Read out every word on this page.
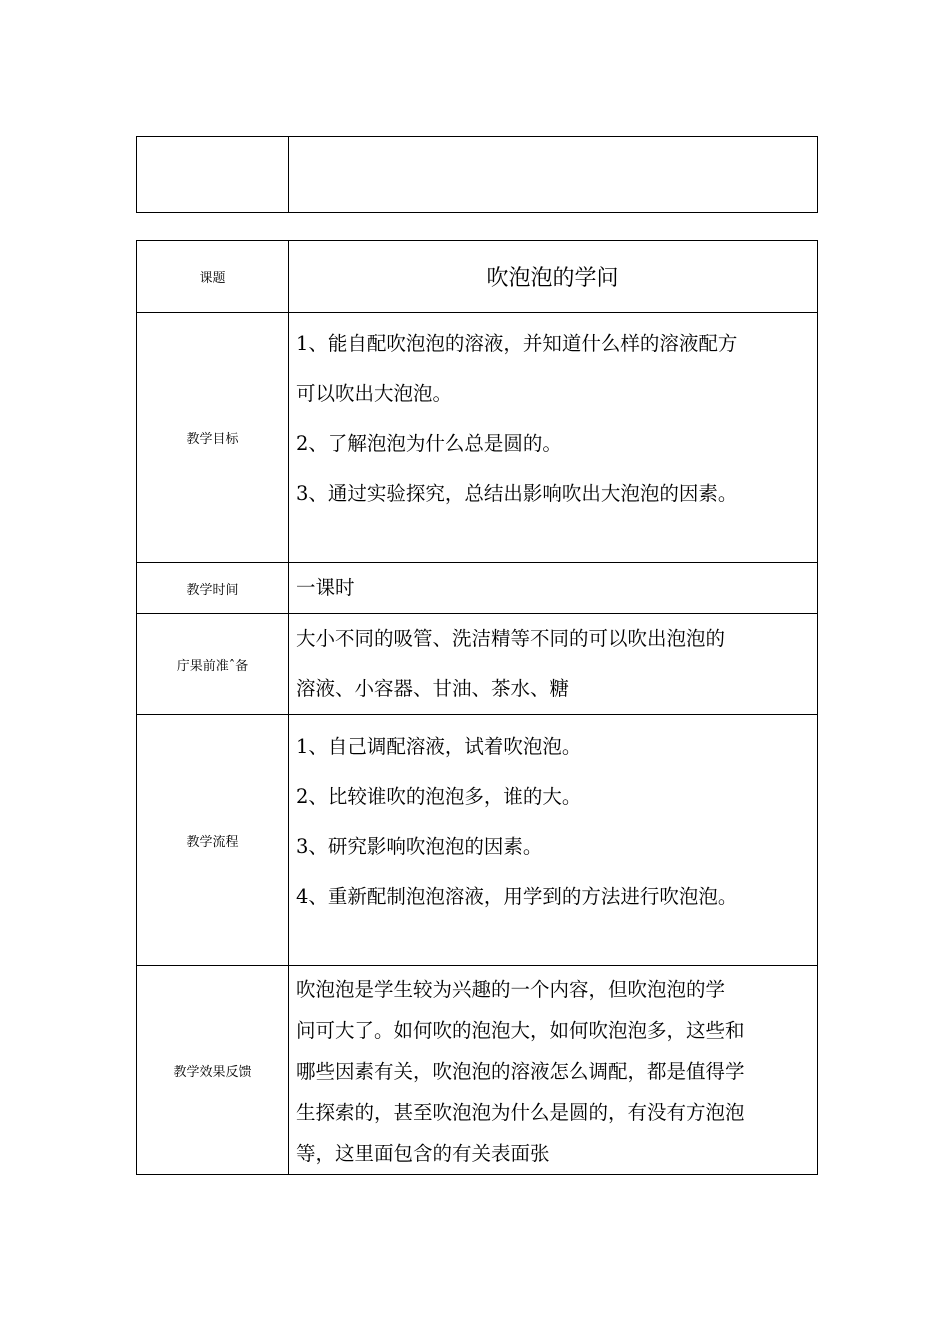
课题	吹泡泡的学问
教学目标	1、能自配吹泡泡的溶液，并知道什么样的溶液配方
可以吹出大泡泡。
2、了解泡泡为什么总是圆的。
3、通过实验探究，总结出影响吹出大泡泡的因素。

教学时间	一课时

庁果前准ˆ备	大小不同的吸管、洗洁精等不同的可以吹出泡泡的
溶液、小容器、甘油、茶水、糖

教学流程	1、自己调配溶液，试着吹泡泡。
2、比较谁吹的泡泡多，谁的大。
3、研究影响吹泡泡的因素。
4、重新配制泡泡溶液，用学到的方法进行吹泡泡。

教学效果反馈	吹泡泡是学生较为兴趣的一个内容，但吹泡泡的学
问可大了。如何吹的泡泡大，如何吹泡泡多，这些和
哪些因素有关，吹泡泡的溶液怎么调配，都是值得学
生探索的，甚至吹泡泡为什么是圆的，有没有方泡泡
等，这里面包含的有关表面张
